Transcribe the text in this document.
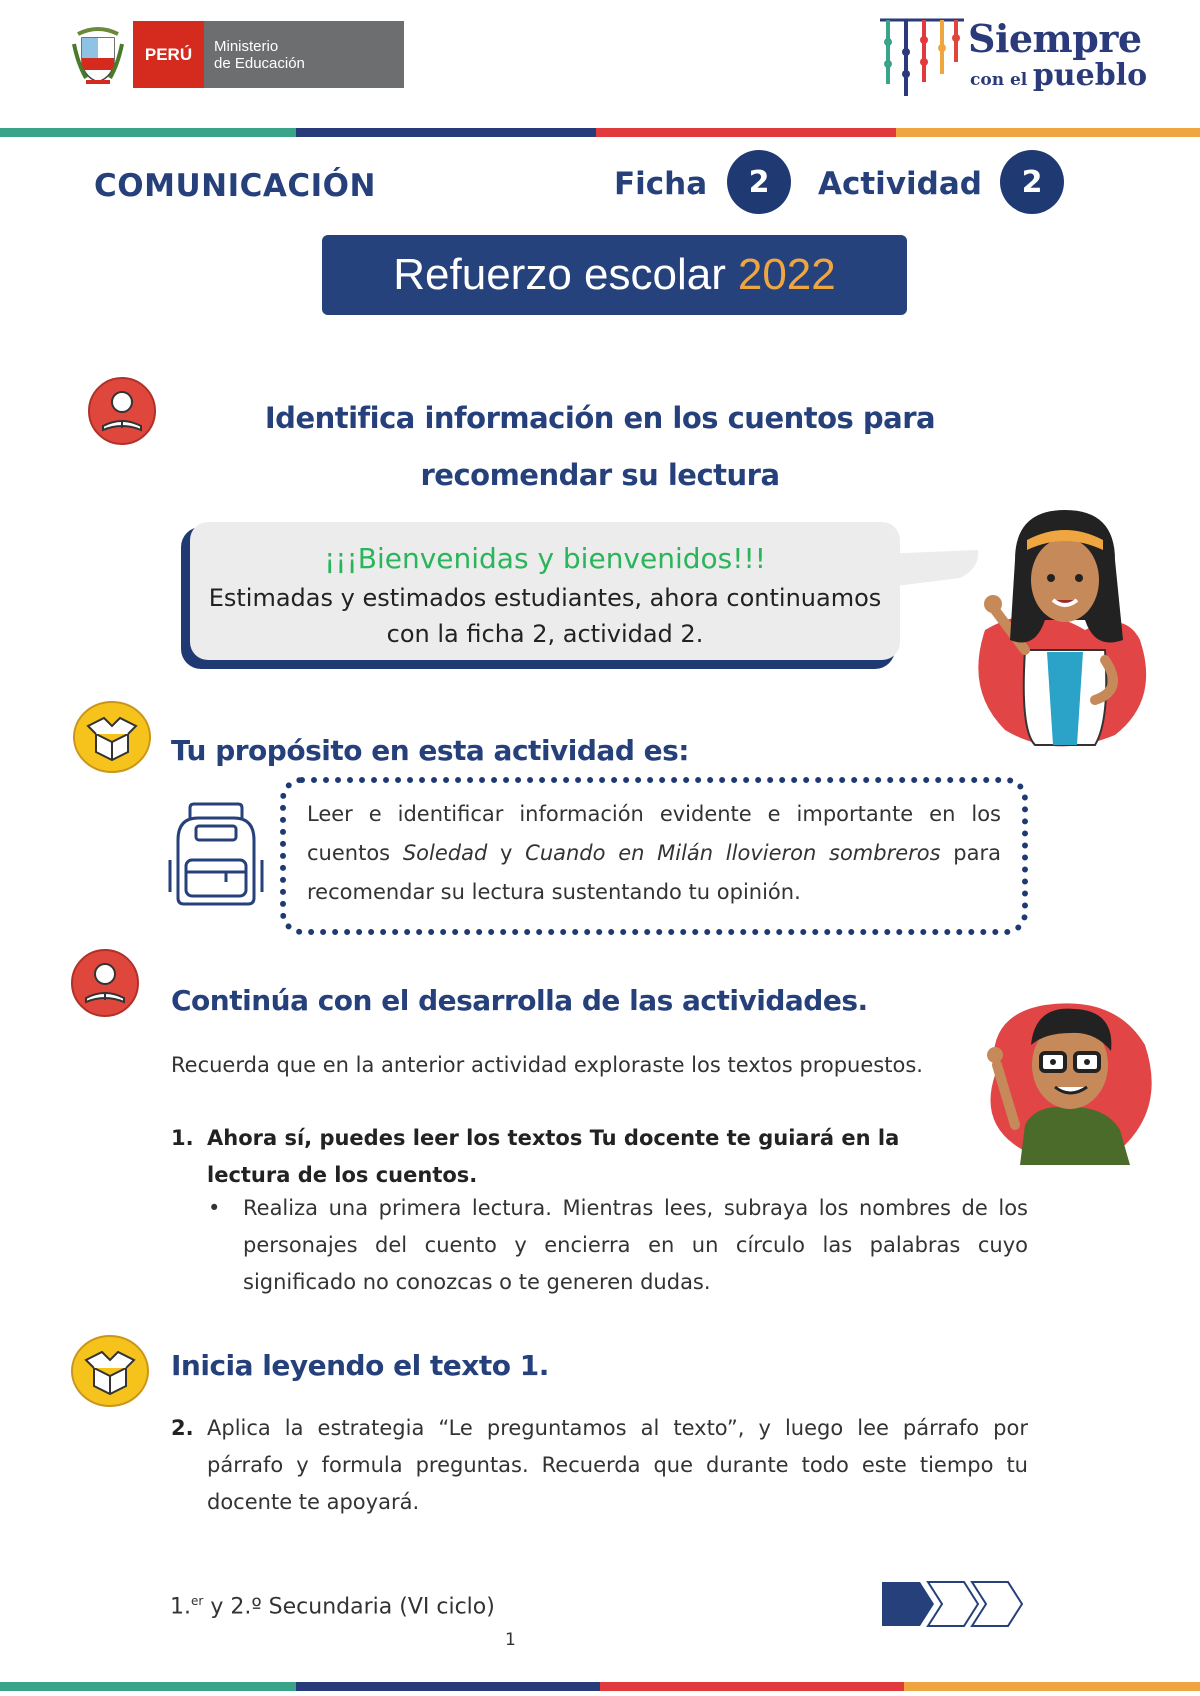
PERÚ	Ministerio
de Educación
Siempre
con el pueblo
COMUNICACIÓN	Ficha	2	Actividad	2
Refuerzo escolar 2022
Identifica información en los cuentos para
recomendar su lectura
¡¡¡Bienvenidas y bienvenidos!!!
Estimadas y estimados estudiantes, ahora continuamos con la ficha 2, actividad 2.
Tu propósito en esta actividad es:
Leer e identificar información evidente e importante en los cuentos Soledad y Cuando en Milán llovieron sombreros para recomendar su lectura sustentando tu opinión.
Continúa con el desarrolla de las actividades.
Recuerda que en la anterior actividad exploraste los textos propuestos.
1. Ahora sí, puedes leer los textos Tu docente te guiará en la lectura de los cuentos.
• Realiza una primera lectura. Mientras lees, subraya los nombres de los personajes del cuento y encierra en un círculo las palabras cuyo significado no conozcas o te generen dudas.
Inicia leyendo el texto 1.
2. Aplica la estrategia “Le preguntamos al texto”, y luego lee párrafo por párrafo y formula preguntas. Recuerda que durante todo este tiempo tu docente te apoyará.
1.$^{er}$ y 2.º Secundaria (VI ciclo)
1
